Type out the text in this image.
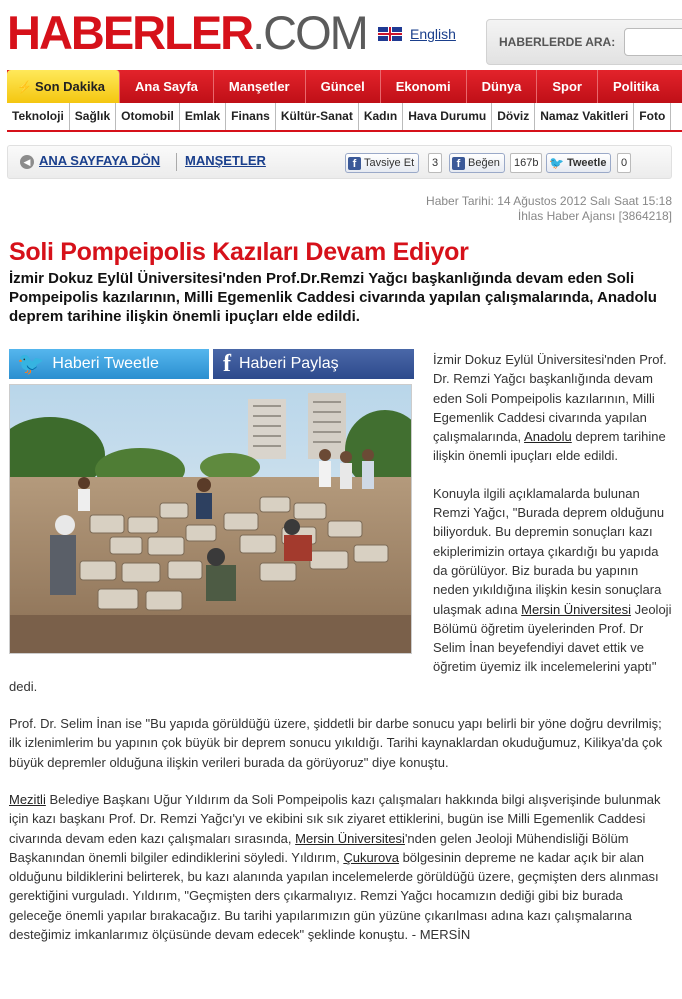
HABERLER.COM	English	HABERLERDE ARA:
⚡ Son Dakika	Ana Sayfa	Manşetler	Güncel	Ekonomi	Dünya	Spor	Politika
Teknoloji Sağlık Otomobil Emlak Finans Kültür-Sanat Kadın Hava Durumu Döviz Namaz Vakitleri Foto
◀ ANA SAYFAYA DÖN MANŞETLER	f Tavsiye Et	3	f Beğen	167b 🐦 Tweetle	0
Haber Tarihi: 14 Ağustos 2012 Salı Saat 15:18
İhlas Haber Ajansı [3864218]
Soli Pompeipolis Kazıları Devam Ediyor

İzmir Dokuz Eylül Üniversitesi'nden Prof.Dr.Remzi Yağcı başkanlığında devam eden Soli Pompeipolis kazılarının, Milli Egemenlik Caddesi civarında yapılan çalışmalarında, Anadolu deprem tarihine ilişkin önemli ipuçları elde edildi.

🐦 Haberi Tweetle	f Haberi Paylaş	İzmir Dokuz Eylül Üniversitesi'nden Prof. Dr. Remzi Yağcı başkanlığında devam eden Soli Pompeipolis kazılarının, Milli Egemenlik Caddesi civarında yapılan çalışmalarında, Anadolu deprem tarihine ilişkin önemli ipuçları elde edildi.

Konuyla ilgili açıklamalarda bulunan Remzi Yağcı, "Burada deprem olduğunu biliyorduk. Bu depremin sonuçları kazı ekiplerimizin ortaya çıkardığı bu yapıda da görülüyor. Biz burada bu yapının neden yıkıldığına ilişkin kesin sonuçlara ulaşmak adına Mersin Üniversitesi Jeoloji Bölümü öğretim üyelerinden Prof. Dr Selim İnan beyefendiyi davet ettik ve öğretim üyemiz ilk incelemelerini yaptı" dedi.

Prof. Dr. Selim İnan ise "Bu yapıda görüldüğü üzere, şiddetli bir darbe sonucu yapı belirli bir yöne doğru devrilmiş; ilk izlenimlerim bu yapının çok büyük bir deprem sonucu yıkıldığı. Tarihi kaynaklardan okuduğumuz, Kilikya'da çok büyük depremler olduğuna ilişkin verileri burada da görüyoruz" diye konuştu.

Mezitli Belediye Başkanı Uğur Yıldırım da Soli Pompeipolis kazı çalışmaları hakkında bilgi alışverişinde bulunmak için kazı başkanı Prof. Dr. Remzi Yağcı'yı ve ekibini sık sık ziyaret ettiklerini, bugün ise Milli Egemenlik Caddesi civarında devam eden kazı çalışmaları sırasında, Mersin Üniversitesi'nden gelen Jeoloji Mühendisliği Bölüm Başkanından önemli bilgiler edindiklerini söyledi. Yıldırım, Çukurova bölgesinin depreme ne kadar açık bir alan olduğunu bildiklerini belirterek, bu kazı alanında yapılan incelemelerde görüldüğü üzere, geçmişten ders alınması gerektiğini vurguladı. Yıldırım, "Geçmişten ders çıkarmalıyız. Remzi Yağcı hocamızın dediği gibi biz burada geleceğe önemli yapılar bırakacağız. Bu tarihi yapılarımızın gün yüzüne çıkarılması adına kazı çalışmalarına desteğimiz imkanlarımız ölçüsünde devam edecek" şeklinde konuştu. - MERSİN
